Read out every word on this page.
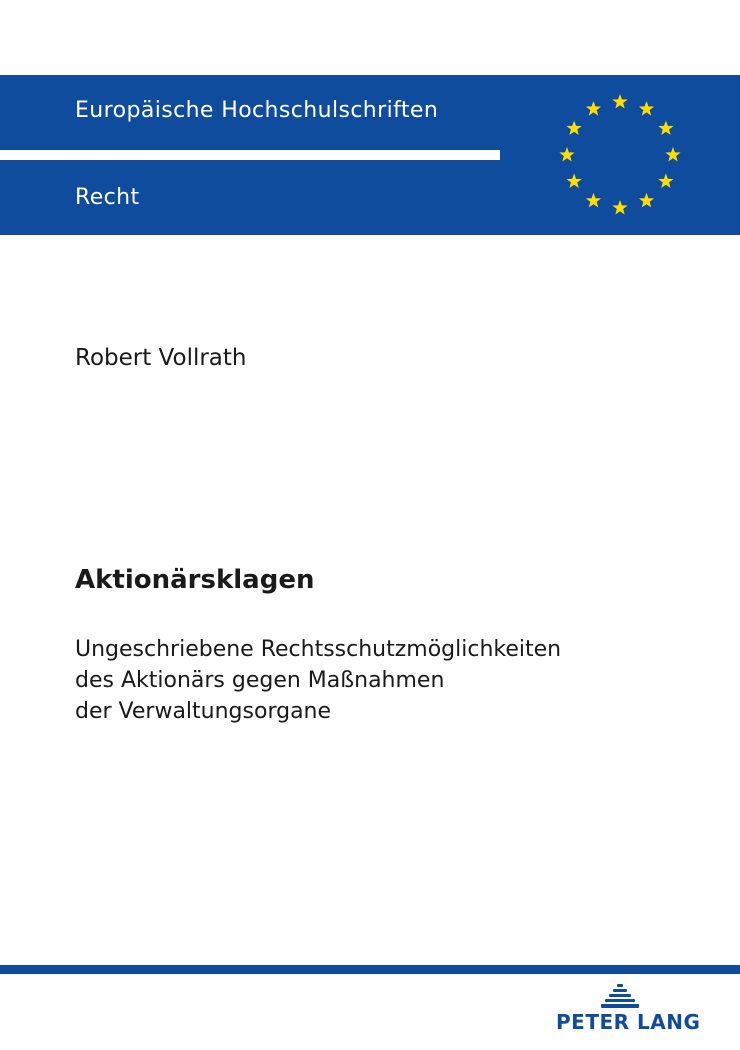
Europäische Hochschulschriften
Recht
Robert Vollrath
Aktionärsklagen
Ungeschriebene Rechtsschutzmöglichkeiten
des Aktionärs gegen Maßnahmen
der Verwaltungsorgane
PETER LANG
